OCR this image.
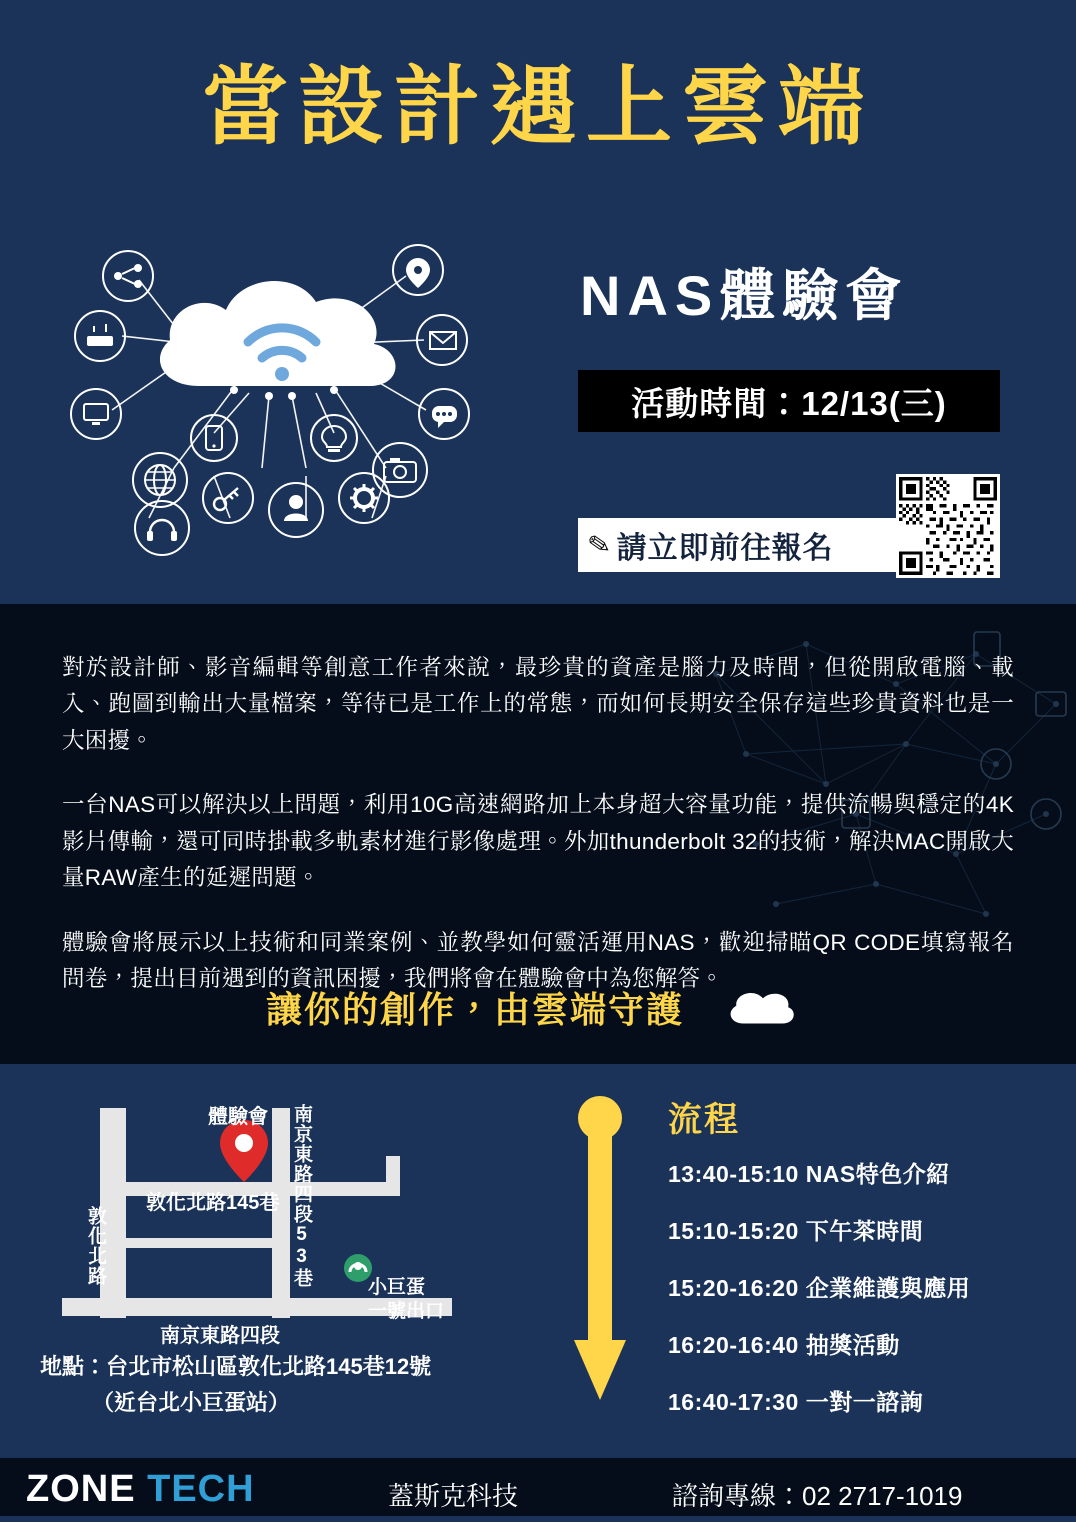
當設計遇上雲端
NAS體驗會
活動時間：12/13(三)
✎ 請立即前往報名

對於設計師、影音編輯等創意工作者來說，最珍貴的資產是腦力及時間，但從開啟電腦、載入、跑圖到輸出大量檔案，等待已是工作上的常態，而如何長期安全保存這些珍貴資料也是一大困擾。

一台NAS可以解決以上問題，利用10G高速網路加上本身超大容量功能，提供流暢與穩定的4K影片傳輸，還可同時掛載多軌素材進行影像處理。外加thunderbolt 32的技術，解決MAC開啟大量RAW產生的延遲問題。

體驗會將展示以上技術和同業案例、並教學如何靈活運用NAS，歡迎掃瞄QR CODE填寫報名問卷，提出目前遇到的資訊困擾，我們將會在體驗會中為您解答。

讓你的創作，由雲端守護
體驗會
敦化北路145巷
南京東路四段
敦化北路	南京東路四段53巷	小巨蛋
一號出口
地點：台北市松山區敦化北路145巷12號
（近台北小巨蛋站）
流程
13:40-15:10 NAS特色介紹
15:10-15:20 下午茶時間
15:20-16:20 企業維護與應用
16:20-16:40 抽獎活動
16:40-17:30 一對一諮詢
ZONE TECH	蓋斯克科技	諮詢專線：02 2717-1019
